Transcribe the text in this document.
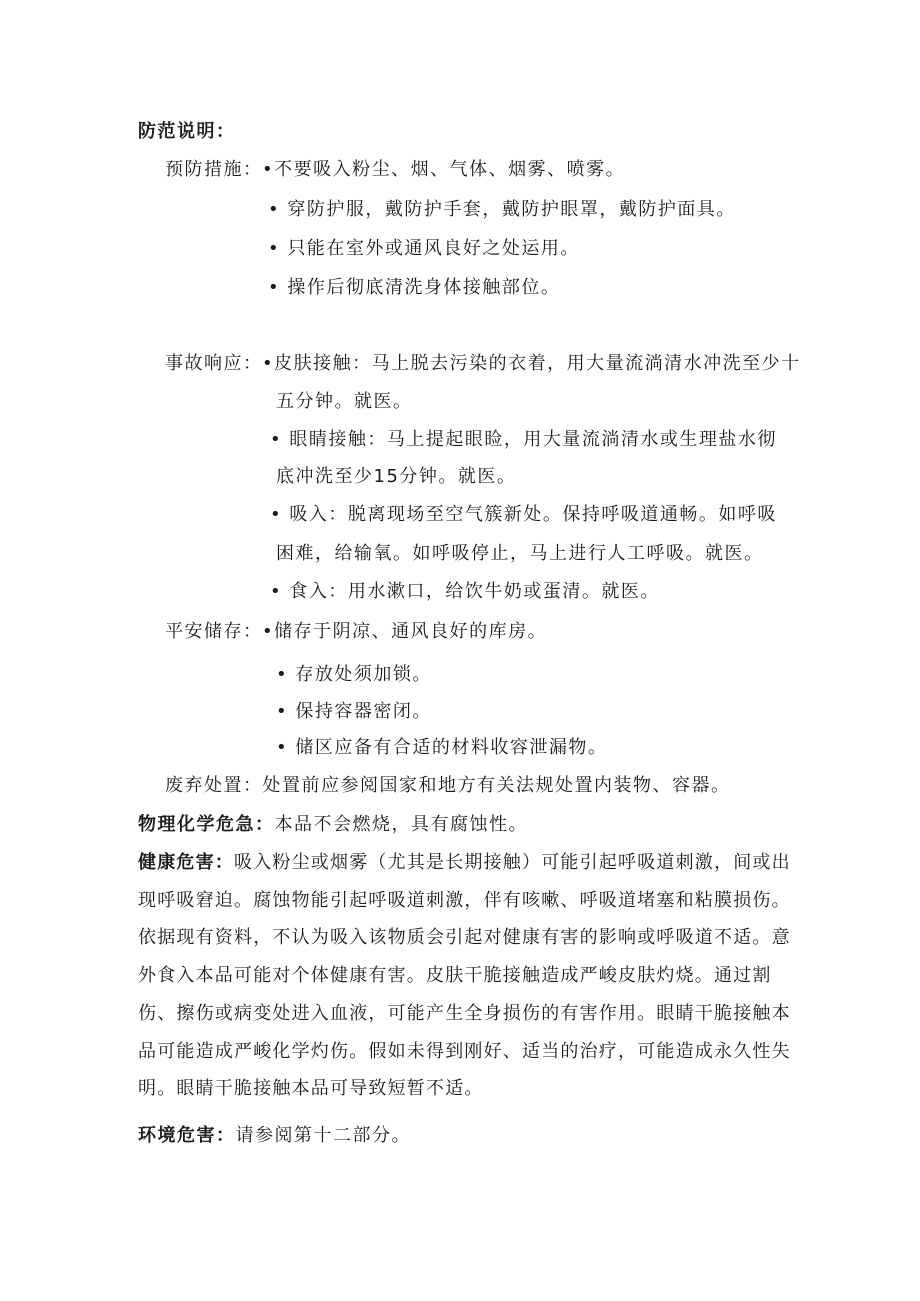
防范说明：
预防措施： •不要吸入粉尘、烟、气体、烟雾、喷雾。
• 穿防护服，戴防护手套，戴防护眼罩，戴防护面具。
• 只能在室外或通风良好之处运用。
• 操作后彻底清洗身体接触部位。
事故响应： •皮肤接触：马上脱去污染的衣着，用大量流淌清水冲洗至少十
五分钟。就医。
• 眼睛接触：马上提起眼睑，用大量流淌清水或生理盐水彻
底冲洗至少15分钟。就医。
• 吸入：脱离现场至空气簇新处。保持呼吸道通畅。如呼吸
困难，给输氧。如呼吸停止，马上进行人工呼吸。就医。
• 食入：用水漱口，给饮牛奶或蛋清。就医。
平安储存： •储存于阴凉、通风良好的库房。
• 存放处须加锁。
• 保持容器密闭。
• 储区应备有合适的材料收容泄漏物。
废弃处置：处置前应参阅国家和地方有关法规处置内装物、容器。
物理化学危急：本品不会燃烧，具有腐蚀性。
健康危害：吸入粉尘或烟雾（尤其是长期接触）可能引起呼吸道刺激，间或出现呼吸窘迫。腐蚀物能引起呼吸道刺激，伴有咳嗽、呼吸道堵塞和粘膜损伤。依据现有资料，不认为吸入该物质会引起对健康有害的影响或呼吸道不适。意外食入本品可能对个体健康有害。皮肤干脆接触造成严峻皮肤灼烧。通过割伤、擦伤或病变处进入血液，可能产生全身损伤的有害作用。眼睛干脆接触本品可能造成严峻化学灼伤。假如未得到刚好、适当的治疗，可能造成永久性失明。眼睛干脆接触本品可导致短暂不适。
环境危害：请参阅第十二部分。
